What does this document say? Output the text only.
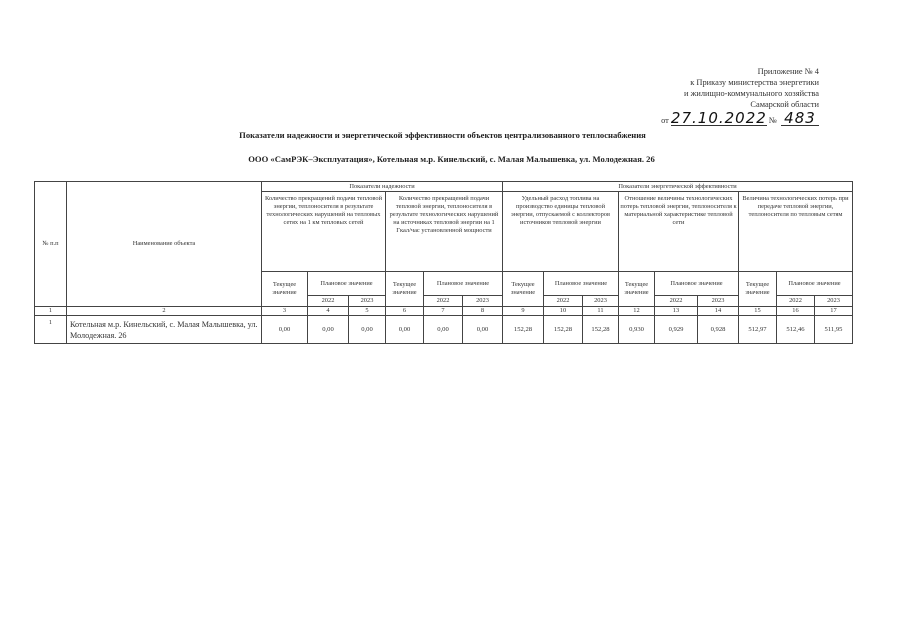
Приложение № 4
к Приказу министерства энергетики
и жилищно-коммунального хозяйства
Самарской области
от 27.10.2022 № 483
Показатели надежности и энергетической эффективности объектов централизованного теплоснабжения
ООО «СамРЭК–Эксплуатация», Котельная м.р. Кинельский, с. Малая Малышевка, ул. Молодежная. 26
№ п.п	Наименование объекта	Показатели надежности						Показатели энергетической эффективности								
		Количество прекращений подачи тепловой энергии, теплоносителя в результате технологических нарушений на тепловых сетях на 1 км тепловых сетей			Количество прекращений подачи тепловой энергии, теплоносителя в результате технологических нарушений на источниках тепловой энергии на 1 Гкал/час установленной мощности			Удельный расход топлива на производство единицы тепловой энергии, отпускаемой с коллекторов источников тепловой энергии			Отношение величины технологических потерь тепловой энергии, теплоносителя к материальной характеристике тепловой сети			Величина технологических потерь при передаче тепловой энергии, теплоносителя по тепловым сетям		
		Текущее значение	Плановое значение		Текущее значение	Плановое значение		Текущее значение	Плановое значение		Текущее значение	Плановое значение		Текущее значение	Плановое значение	
			2022	2023		2022	2023		2022	2023		2022	2023		2022	2023
1	2	3	4	5	6	7	8	9	10	11	12	13	14	15	16	17
1	Котельная м.р. Кинельский, с. Малая Малышевка, ул. Молодежная. 26	0,00	0,00	0,00	0,00	0,00	0,00	152,28	152,28	152,28	0,930	0,929	0,928	512,97	512,46	511,95
